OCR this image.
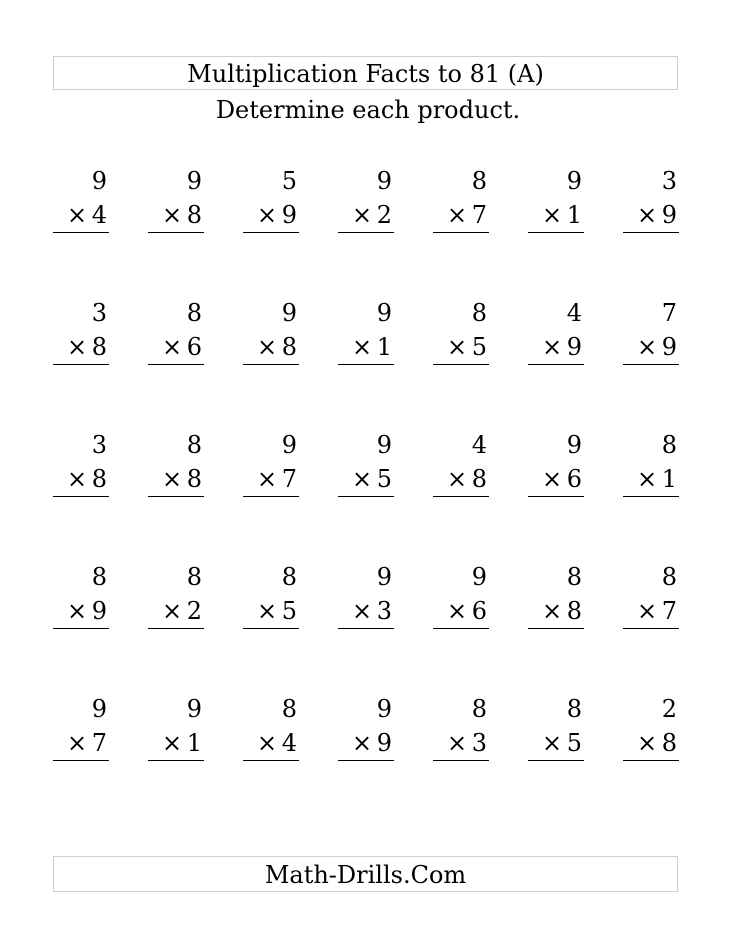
Multiplication Facts to 81 (A)
Determine each product.
9
× 4
9
× 8
5
× 9
9
× 2
8
× 7
9
× 1
3
× 9
3
× 8
8
× 6
9
× 8
9
× 1
8
× 5
4
× 9
7
× 9
3
× 8
8
× 8
9
× 7
9
× 5
4
× 8
9
× 6
8
× 1
8
× 9
8
× 2
8
× 5
9
× 3
9
× 6
8
× 8
8
× 7
9
× 7
9
× 1
8
× 4
9
× 9
8
× 3
8
× 5
2
× 8
Math-Drills.Com
